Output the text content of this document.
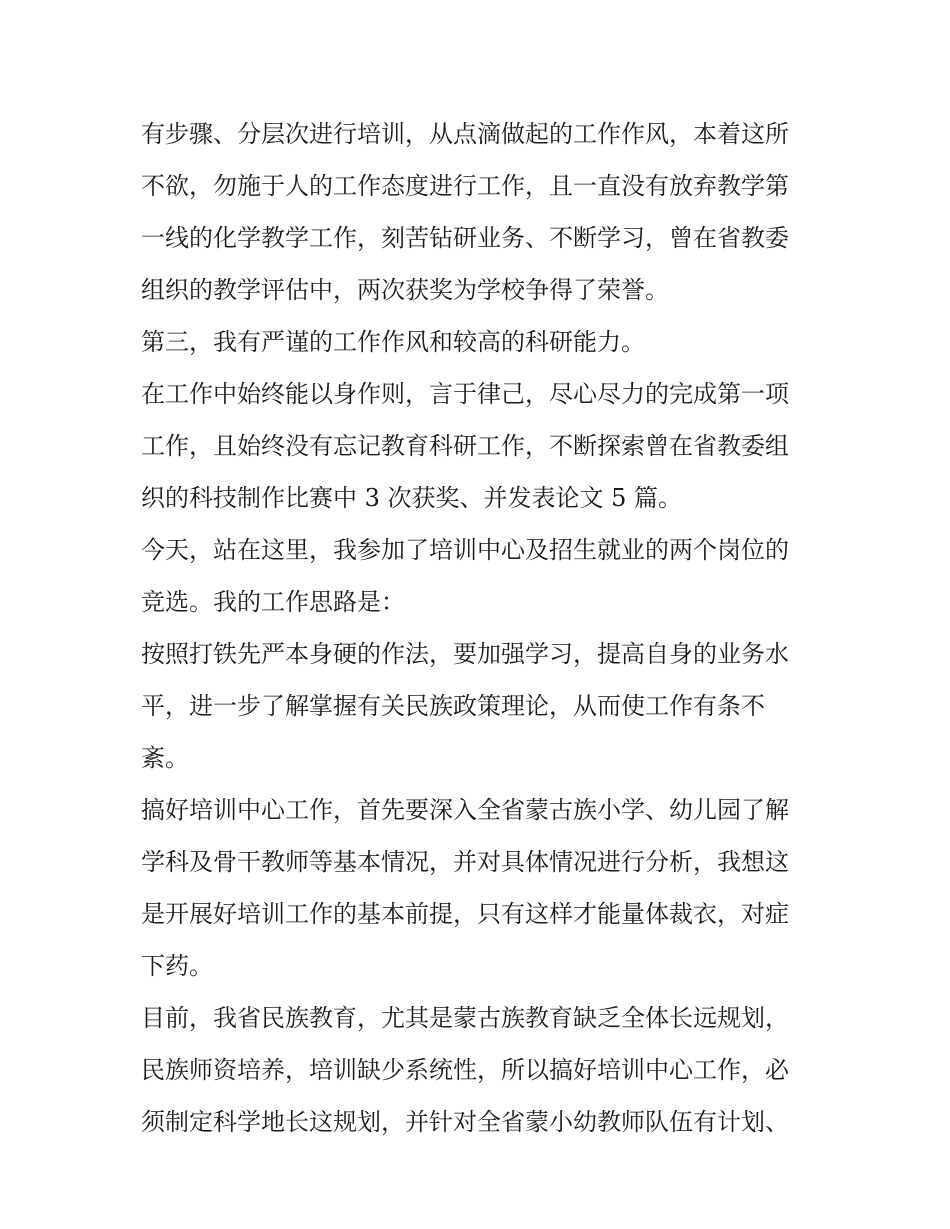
有步骤、分层次进行培训，从点滴做起的工作作风，本着这所
不欲，勿施于人的工作态度进行工作，且一直没有放弃教学第
一线的化学教学工作，刻苦钻研业务、不断学习，曾在省教委
组织的教学评估中，两次获奖为学校争得了荣誉。
第三，我有严谨的工作作风和较高的科研能力。
在工作中始终能以身作则，言于律己，尽心尽力的完成第一项
工作，且始终没有忘记教育科研工作，不断探索曾在省教委组
织的科技制作比赛中 3 次获奖、并发表论文 5 篇。
今天，站在这里，我参加了培训中心及招生就业的两个岗位的
竞选。我的工作思路是：
按照打铁先严本身硬的作法，要加强学习，提高自身的业务水
平，进一步了解掌握有关民族政策理论，从而使工作有条不
紊。
搞好培训中心工作，首先要深入全省蒙古族小学、幼儿园了解
学科及骨干教师等基本情况，并对具体情况进行分析，我想这
是开展好培训工作的基本前提，只有这样才能量体裁衣，对症
下药。
目前，我省民族教育，尤其是蒙古族教育缺乏全体长远规划，
民族师资培养，培训缺少系统性，所以搞好培训中心工作，必
须制定科学地长这规划，并针对全省蒙小幼教师队伍有计划、
